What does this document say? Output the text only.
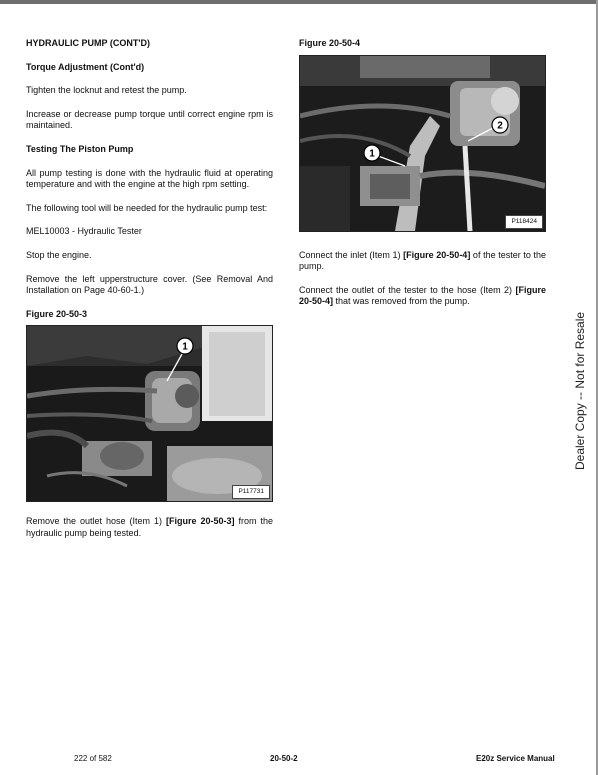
HYDRAULIC PUMP (CONT'D)
Torque Adjustment (Cont'd)

Tighten the locknut and retest the pump.

Increase or decrease pump torque until correct engine rpm is maintained.

Testing The Piston Pump

All pump testing is done with the hydraulic fluid at operating temperature and with the engine at the high rpm setting.

The following tool will be needed for the hydraulic pump test:

MEL10003 - Hydraulic Tester

Stop the engine.

Remove the left upperstructure cover. (See Removal And Installation on Page 40-60-1.)

Figure 20-50-3
1
P117731

Remove the outlet hose (Item 1) [Figure 20-50-3] from the hydraulic pump being tested.

Figure 20-50-4
1
2
P118424

Connect the inlet (Item 1) [Figure 20-50-4] of the tester to the pump.

Connect the outlet of the tester to the hose (Item 2) [Figure 20-50-4] that was removed from the pump.

Dealer Copy -- Not for Resale
222 of 582	20-50-2	E20z Service Manual
